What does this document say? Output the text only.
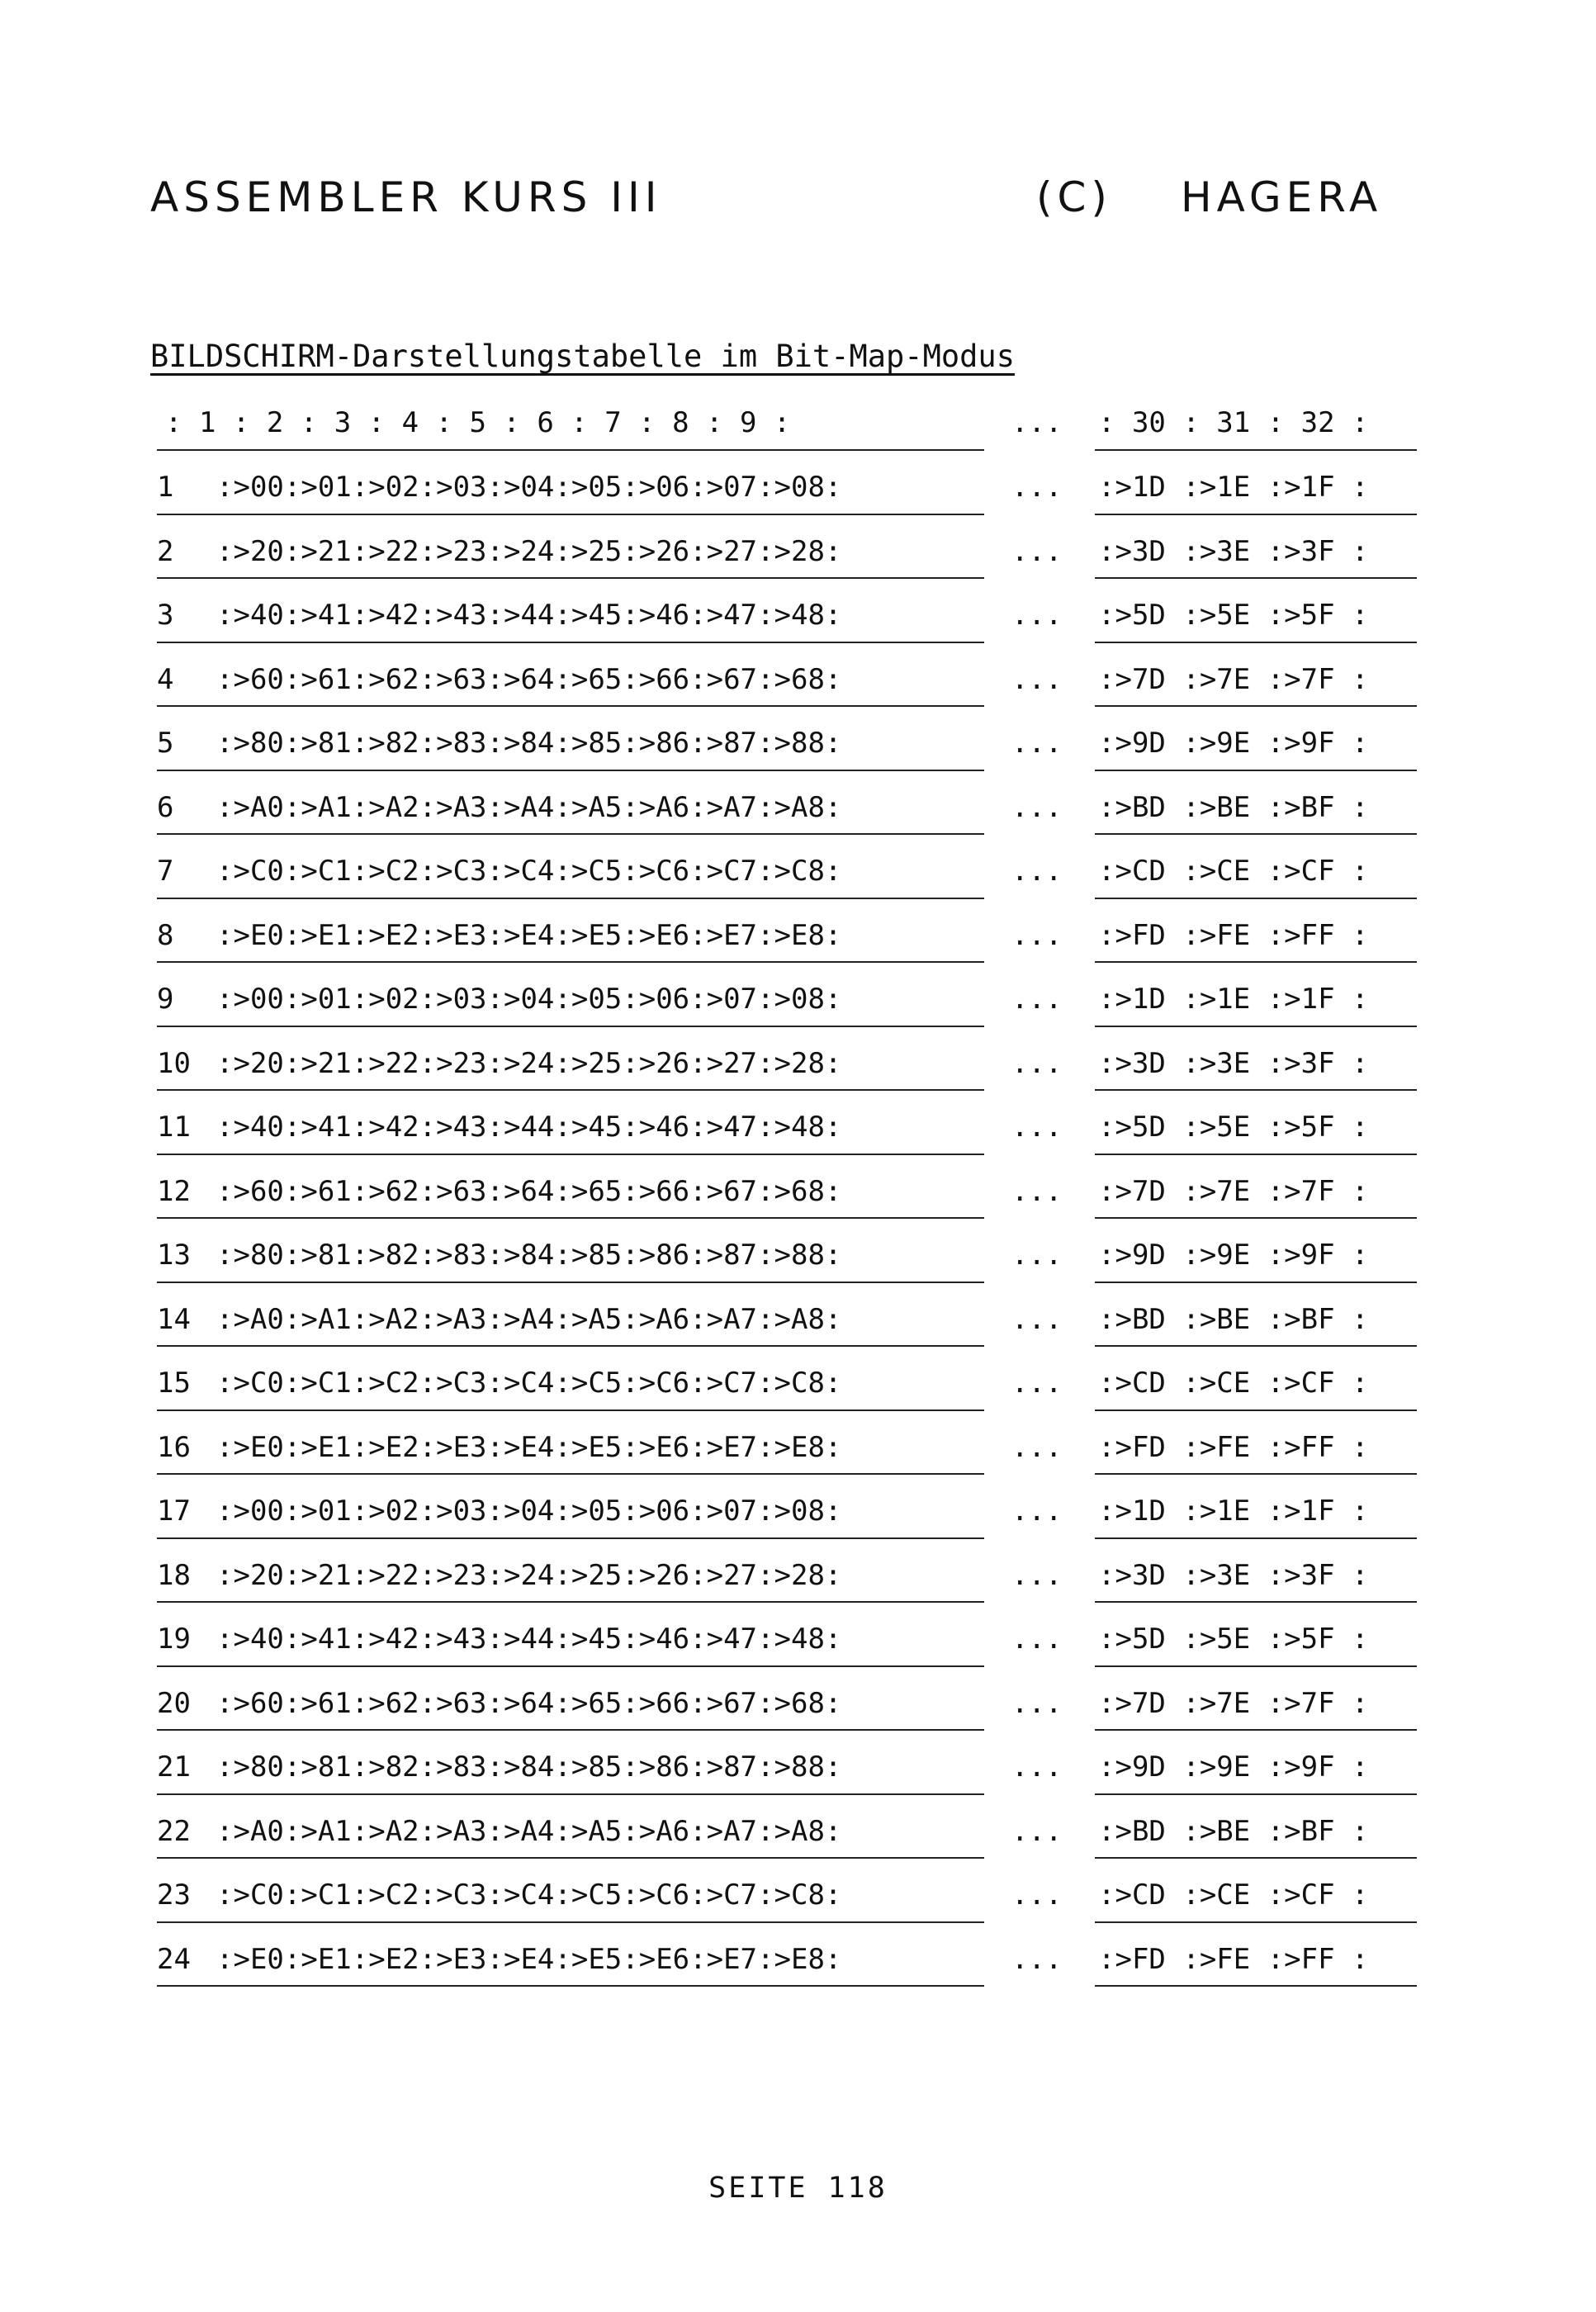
ASSEMBLER KURS III	(C) HAGERA
BILDSCHIRM-Darstellungstabelle im Bit-Map-Modus
: 1 : 2 : 3 : 4 : 5 : 6 : 7 : 8 : 9 :	... : 30 : 31 : 32 :
1 :>00:>01:>02:>03:>04:>05:>06:>07:>08:	... :>1D :>1E :>1F :
2 :>20:>21:>22:>23:>24:>25:>26:>27:>28:	... :>3D :>3E :>3F :
3 :>40:>41:>42:>43:>44:>45:>46:>47:>48:	... :>5D :>5E :>5F :
4 :>60:>61:>62:>63:>64:>65:>66:>67:>68:	... :>7D :>7E :>7F :
5 :>80:>81:>82:>83:>84:>85:>86:>87:>88:	... :>9D :>9E :>9F :
6 :>A0:>A1:>A2:>A3:>A4:>A5:>A6:>A7:>A8:	... :>BD :>BE :>BF :
7 :>C0:>C1:>C2:>C3:>C4:>C5:>C6:>C7:>C8:	... :>CD :>CE :>CF :
8 :>E0:>E1:>E2:>E3:>E4:>E5:>E6:>E7:>E8:	... :>FD :>FE :>FF :
9 :>00:>01:>02:>03:>04:>05:>06:>07:>08:	... :>1D :>1E :>1F :
10 :>20:>21:>22:>23:>24:>25:>26:>27:>28:	... :>3D :>3E :>3F :
11 :>40:>41:>42:>43:>44:>45:>46:>47:>48:	... :>5D :>5E :>5F :
12 :>60:>61:>62:>63:>64:>65:>66:>67:>68:	... :>7D :>7E :>7F :
13 :>80:>81:>82:>83:>84:>85:>86:>87:>88:	... :>9D :>9E :>9F :
14 :>A0:>A1:>A2:>A3:>A4:>A5:>A6:>A7:>A8:	... :>BD :>BE :>BF :
15 :>C0:>C1:>C2:>C3:>C4:>C5:>C6:>C7:>C8:	... :>CD :>CE :>CF :
16 :>E0:>E1:>E2:>E3:>E4:>E5:>E6:>E7:>E8:	... :>FD :>FE :>FF :
17 :>00:>01:>02:>03:>04:>05:>06:>07:>08:	... :>1D :>1E :>1F :
18 :>20:>21:>22:>23:>24:>25:>26:>27:>28:	... :>3D :>3E :>3F :
19 :>40:>41:>42:>43:>44:>45:>46:>47:>48:	... :>5D :>5E :>5F :
20 :>60:>61:>62:>63:>64:>65:>66:>67:>68:	... :>7D :>7E :>7F :
21 :>80:>81:>82:>83:>84:>85:>86:>87:>88:	... :>9D :>9E :>9F :
22 :>A0:>A1:>A2:>A3:>A4:>A5:>A6:>A7:>A8:	... :>BD :>BE :>BF :
23 :>C0:>C1:>C2:>C3:>C4:>C5:>C6:>C7:>C8:	... :>CD :>CE :>CF :
24 :>E0:>E1:>E2:>E3:>E4:>E5:>E6:>E7:>E8:	... :>FD :>FE :>FF :
SEITE 118
